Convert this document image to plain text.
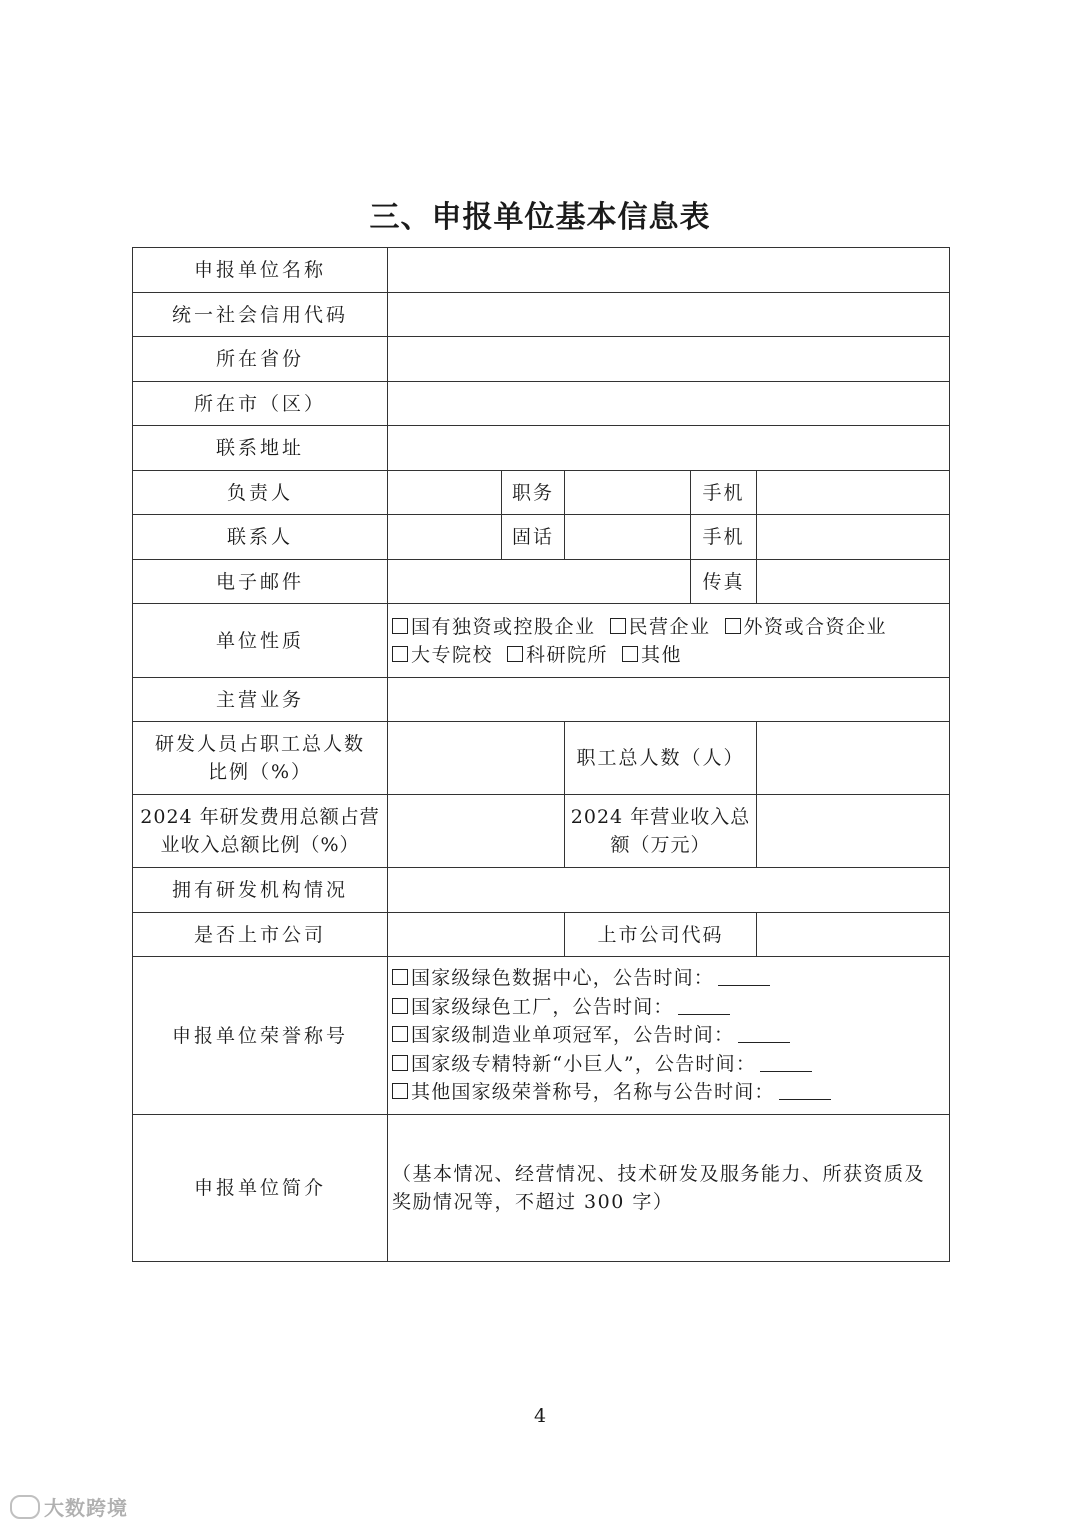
三、申报单位基本信息表
申报单位名称					
统一社会信用代码					
所在省份					
所在市（区）					
联系地址					
负责人		职务		手机	
联系人		固话		手机	
电子邮件				传真	
单位性质	国有独资或控股企业 民营企业 外资或合资企业
大专院校 科研院所 其他				

主营业务					
研发人员占职工总人数比例（%）			职工总人数（人）		
2024 年研发费用总额占营业收入总额比例（%）			2024 年营业收入总额（万元）		
拥有研发机构情况					
是否上市公司			上市公司代码		
申报单位荣誉称号	国家级绿色数据中心，公告时间：
国家级绿色工厂，公告时间：
国家级制造业单项冠军，公告时间：
国家级专精特新“小巨人”，公告时间：
其他国家级荣誉称号，名称与公告时间：				

申报单位简介	（基本情况、经营情况、技术研发及服务能力、所获资质及奖励情况等，不超过 300 字）				
4
大数跨境
